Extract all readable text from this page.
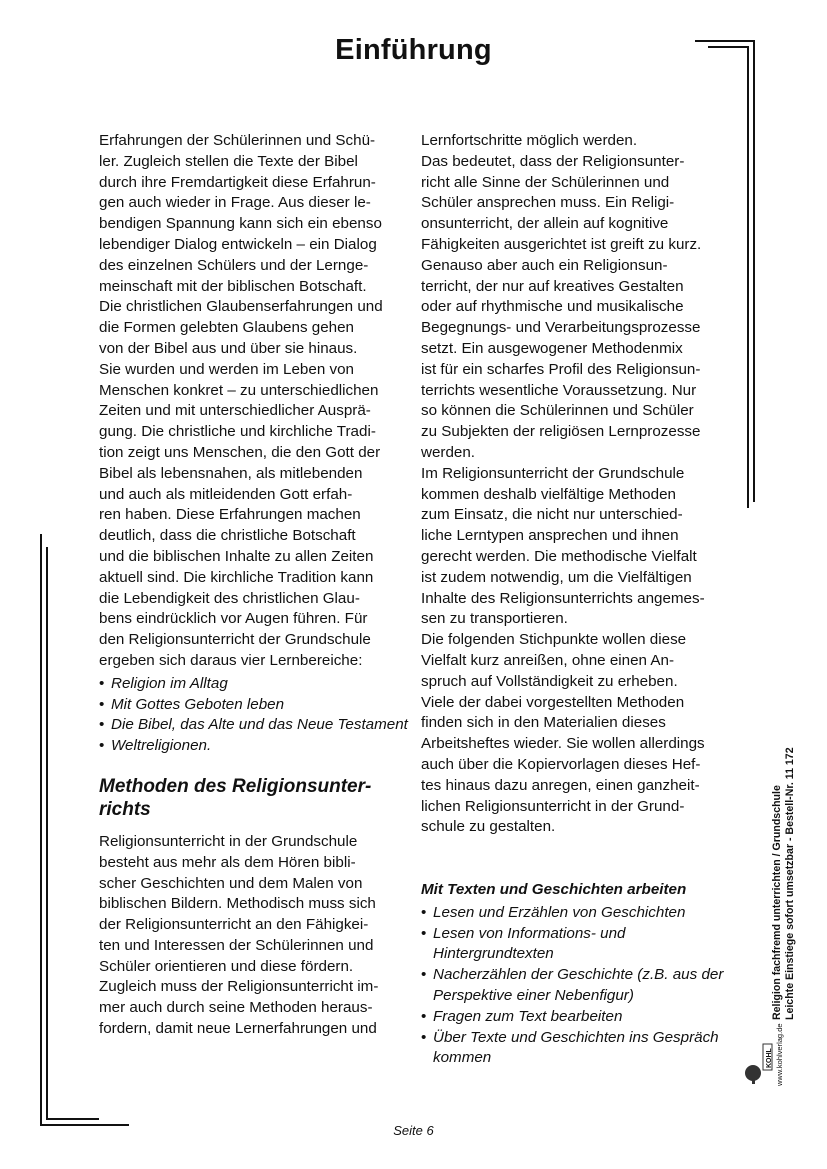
Einführung

Erfahrungen der Schülerinnen und Schü-
ler. Zugleich stellen die Texte der Bibel
durch ihre Fremdartigkeit diese Erfahrun-
gen auch wieder in Frage. Aus dieser le-
bendigen Spannung kann sich ein ebenso
lebendiger Dialog entwickeln – ein Dialog
des einzelnen Schülers und der Lernge-
meinschaft mit der biblischen Botschaft.
Die christlichen Glaubenserfahrungen und
die Formen gelebten Glaubens gehen
von der Bibel aus und über sie hinaus.
Sie wurden und werden im Leben von
Menschen konkret – zu unterschiedlichen
Zeiten und mit unterschiedlicher Ausprä-
gung. Die christliche und kirchliche Tradi-
tion zeigt uns Menschen, die den Gott der
Bibel als lebensnahen, als mitlebenden
und auch als mitleidenden Gott erfah-
ren haben. Diese Erfahrungen machen
deutlich, dass die christliche Botschaft
und die biblischen Inhalte zu allen Zeiten
aktuell sind. Die kirchliche Tradition kann
die Lebendigkeit des christlichen Glau-
bens eindrücklich vor Augen führen. Für
den Religionsunterricht der Grundschule
ergeben sich daraus vier Lernbereiche:

• Religion im Alltag
• Mit Gottes Geboten leben
• Die Bibel, das Alte und das Neue Testament
• Weltreligionen.
Methoden des Religionsunter-
richts

Religionsunterricht in der Grundschule
besteht aus mehr als dem Hören bibli-
scher Geschichten und dem Malen von
biblischen Bildern. Methodisch muss sich
der Religionsunterricht an den Fähigkei-
ten und Interessen der Schülerinnen und
Schüler orientieren und diese fördern.
Zugleich muss der Religionsunterricht im-
mer auch durch seine Methoden heraus-
fordern, damit neue Lernerfahrungen und

Lernfortschritte möglich werden.
Das bedeutet, dass der Religionsunter-
richt alle Sinne der Schülerinnen und
Schüler ansprechen muss. Ein Religi-
onsunterricht, der allein auf kognitive
Fähigkeiten ausgerichtet ist greift zu kurz.
Genauso aber auch ein Religionsun-
terricht, der nur auf kreatives Gestalten
oder auf rhythmische und musikalische
Begegnungs- und Verarbeitungsprozesse
setzt. Ein ausgewogener Methodenmix
ist für ein scharfes Profil des Religionsun-
terrichts wesentliche Voraussetzung. Nur
so können die Schülerinnen und Schüler
zu Subjekten der religiösen Lernprozesse
werden.

Im Religionsunterricht der Grundschule
kommen deshalb vielfältige Methoden
zum Einsatz, die nicht nur unterschied-
liche Lerntypen ansprechen und ihnen
gerecht werden. Die methodische Vielfalt
ist zudem notwendig, um die Vielfältigen
Inhalte des Religionsunterrichts angemes-
sen zu transportieren.

Die folgenden Stichpunkte wollen diese
Vielfalt kurz anreißen, ohne einen An-
spruch auf Vollständigkeit zu erheben.
Viele der dabei vorgestellten Methoden
finden sich in den Materialien dieses
Arbeitsheftes wieder. Sie wollen allerdings
auch über die Kopiervorlagen dieses Hef-
tes hinaus dazu anregen, einen ganzheit-
lichen Religionsunterricht in der Grund-
schule zu gestalten.

Mit Texten und Geschichten arbeiten
• Lesen und Erzählen von Geschichten
• Lesen von Informations- und Hintergrundtexten
• Nacherzählen der Geschichte (z.B. aus der Perspektive einer Nebenfigur)
• Fragen zum Text bearbeiten
• Über Texte und Geschichten ins Gespräch kommen
Religion fachfremd unterrichten / Grundschule Leichte Einstiege sofort umsetzbar - Bestell-Nr. 11 172
KOHL www.kohlverlag.de
Seite 6
